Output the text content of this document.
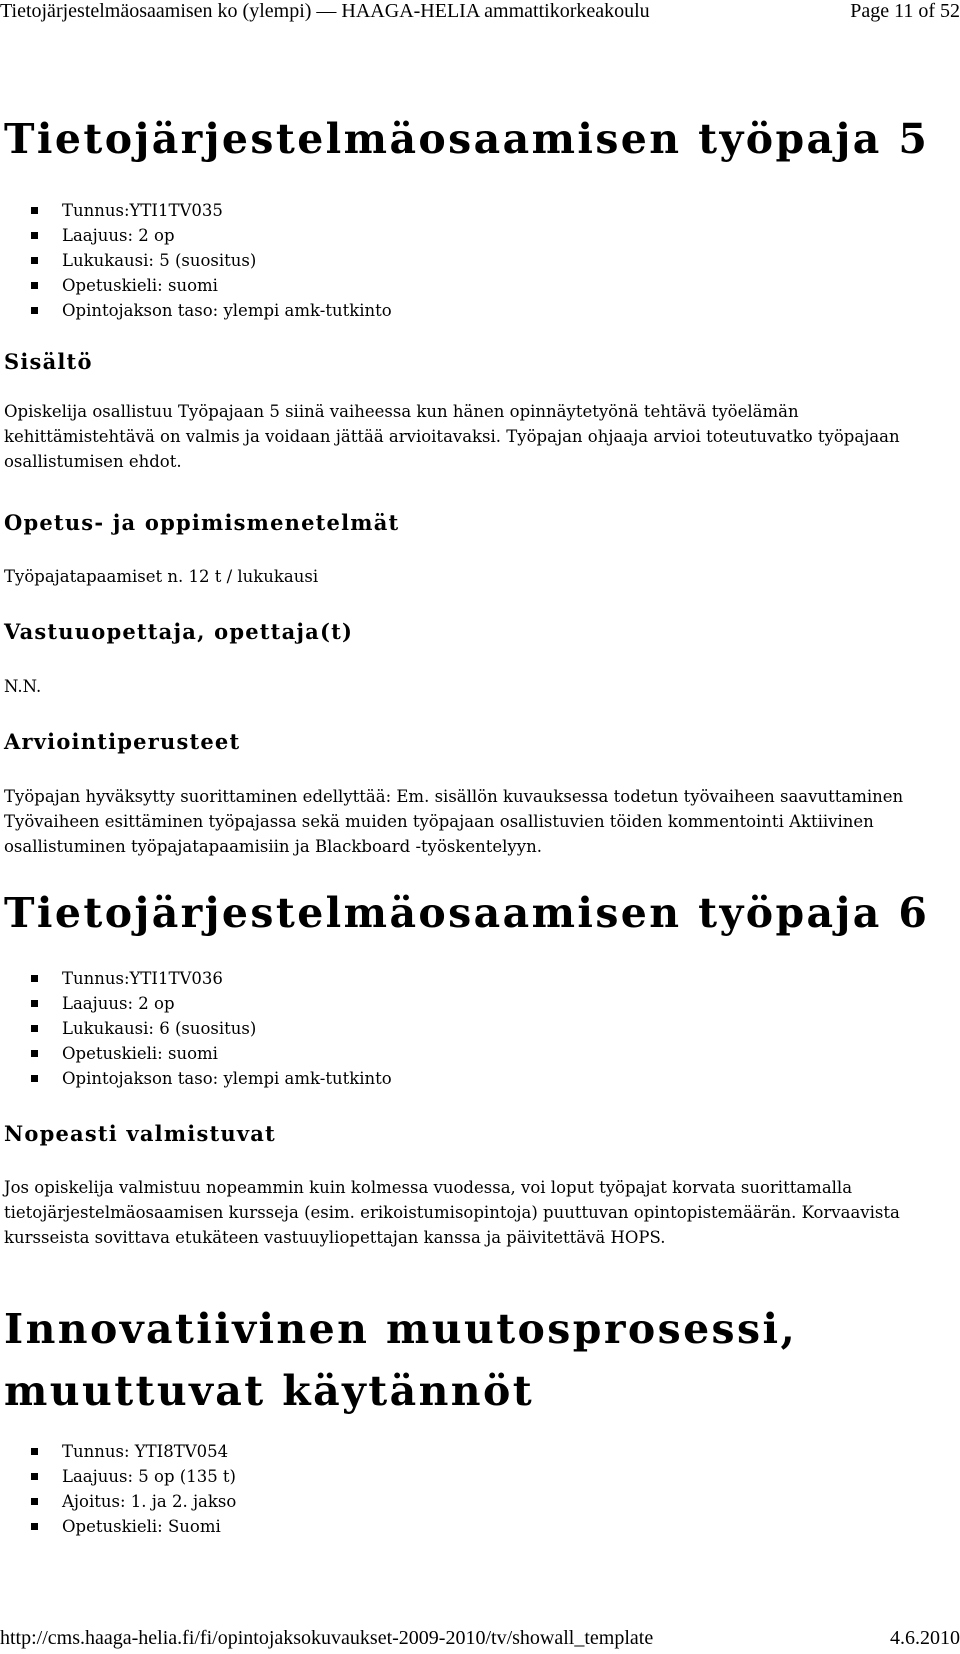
Tietojärjestelmäosaamisen ko (ylempi) — HAAGA-HELIA ammattikorkeakoulu	Page 11 of 52
Tietojärjestelmäosaamisen työpaja 5
Tunnus:YTI1TV035
Laajuus: 2 op
Lukukausi: 5 (suositus)
Opetuskieli: suomi
Opintojakson taso: ylempi amk-tutkinto
Sisältö

Opiskelija osallistuu Työpajaan 5 siinä vaiheessa kun hänen opinnäytetyönä tehtävä työelämän kehittämistehtävä on valmis ja voidaan jättää arvioitavaksi. Työpajan ohjaaja arvioi toteutuvatko työpajaan osallistumisen ehdot.

Opetus- ja oppimismenetelmät

Työpajatapaamiset n. 12 t / lukukausi

Vastuuopettaja, opettaja(t)

N.N.

Arviointiperusteet

Työpajan hyväksytty suorittaminen edellyttää: Em. sisällön kuvauksessa todetun työvaiheen saavuttaminen Työvaiheen esittäminen työpajassa sekä muiden työpajaan osallistuvien töiden kommentointi Aktiivinen osallistuminen työpajatapaamisiin ja Blackboard -työskentelyyn.

Tietojärjestelmäosaamisen työpaja 6
Tunnus:YTI1TV036
Laajuus: 2 op
Lukukausi: 6 (suositus)
Opetuskieli: suomi
Opintojakson taso: ylempi amk-tutkinto
Nopeasti valmistuvat

Jos opiskelija valmistuu nopeammin kuin kolmessa vuodessa, voi loput työpajat korvata suorittamalla tietojärjestelmäosaamisen kursseja (esim. erikoistumisopintoja) puuttuvan opintopistemäärän. Korvaavista kursseista sovittava etukäteen vastuuyliopettajan kanssa ja päivitettävä HOPS.

Innovatiivinen muutosprosessi, muuttuvat käytännöt
Tunnus: YTI8TV054
Laajuus: 5 op (135 t)
Ajoitus: 1. ja 2. jakso
Opetuskieli: Suomi
http://cms.haaga-helia.fi/fi/opintojaksokuvaukset-2009-2010/tv/showall_template	4.6.2010
